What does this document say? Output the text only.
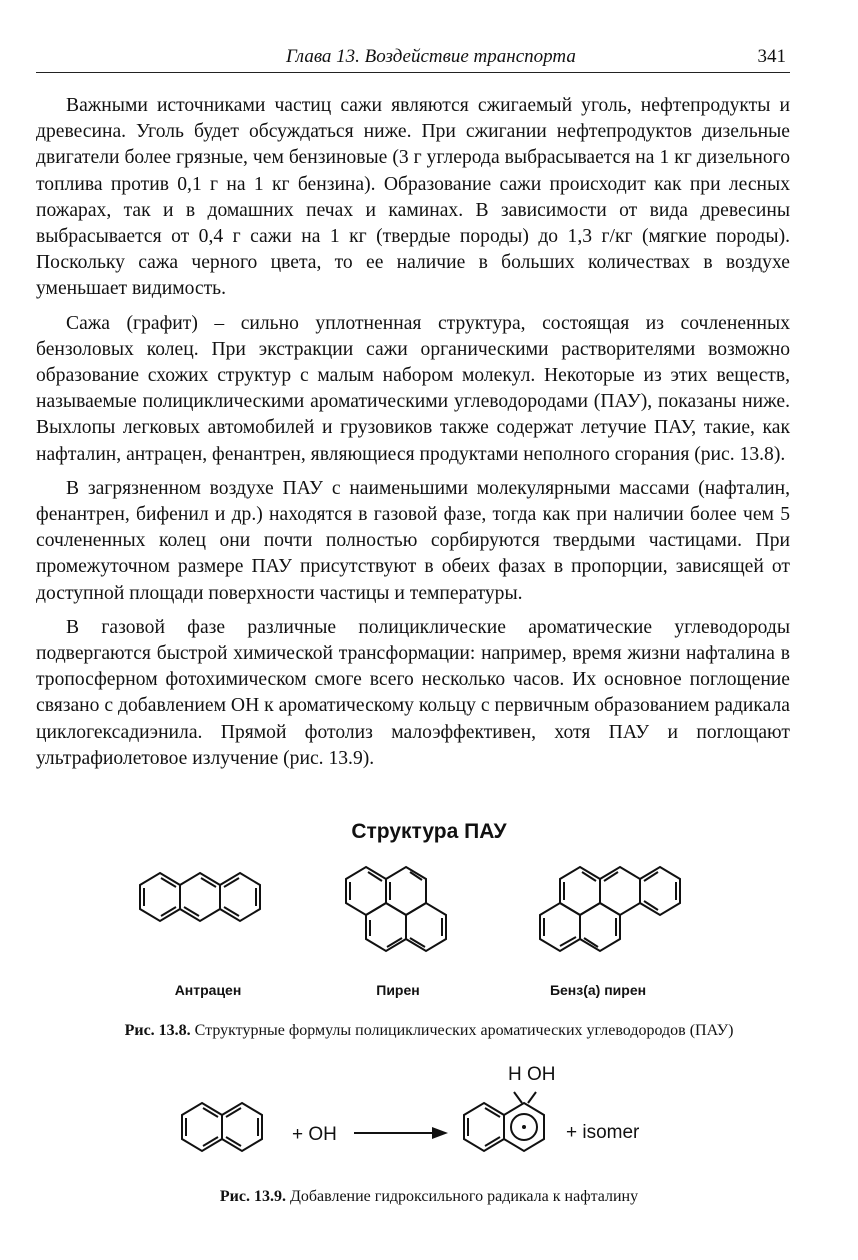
Глава 13. Воздействие транспорта	341

Важными источниками частиц сажи являются сжигаемый уголь, нефтепродукты и древесина. Уголь будет обсуждаться ниже. При сжигании нефтепродуктов дизельные двигатели более грязные, чем бензиновые (3 г углерода выбрасывается на 1 кг дизельного топлива против 0,1 г на 1 кг бензина). Образование сажи происходит как при лесных пожарах, так и в домашних печах и каминах. В зависимости от вида древесины выбрасывается от 0,4 г сажи на 1 кг (твердые породы) до 1,3 г/кг (мягкие породы). Поскольку сажа черного цвета, то ее наличие в больших количествах в воздухе уменьшает видимость.

Сажа (графит) – сильно уплотненная структура, состоящая из сочлененных бензоловых колец. При экстракции сажи органическими растворителями возможно образование схожих структур с малым набором молекул. Некоторые из этих веществ, называемые полициклическими ароматическими углеводородами (ПАУ), показаны ниже. Выхлопы легковых автомобилей и грузовиков также содержат летучие ПАУ, такие, как нафталин, антрацен, фенантрен, являющиеся продуктами неполного сгорания (рис. 13.8).

В загрязненном воздухе ПАУ с наименьшими молекулярными массами (нафталин, фенантрен, бифенил и др.) находятся в газовой фазе, тогда как при наличии более чем 5 сочлененных колец они почти полностью сорбируются твердыми частицами. При промежуточном размере ПАУ присутствуют в обеих фазах в пропорции, зависящей от доступной площади поверхности частицы и температуры.

В газовой фазе различные полициклические ароматические углеводороды подвергаются быстрой химической трансформации: например, время жизни нафталина в тропосферном фотохимическом смоге всего несколько часов. Их основное поглощение связано с добавлением OH к ароматическому кольцу с первичным образованием радикала циклогексадиэнила. Прямой фотолиз малоэффективен, хотя ПАУ и поглощают ультрафиолетовое излучение (рис. 13.9).

Структура ПАУ
Антрацен	Пирен	Бенз(а) пирен
Рис. 13.8. Структурные формулы полициклических ароматических углеводородов (ПАУ)
+ OH
H OH
+ isomer
Рис. 13.9. Добавление гидроксильного радикала к нафталину
